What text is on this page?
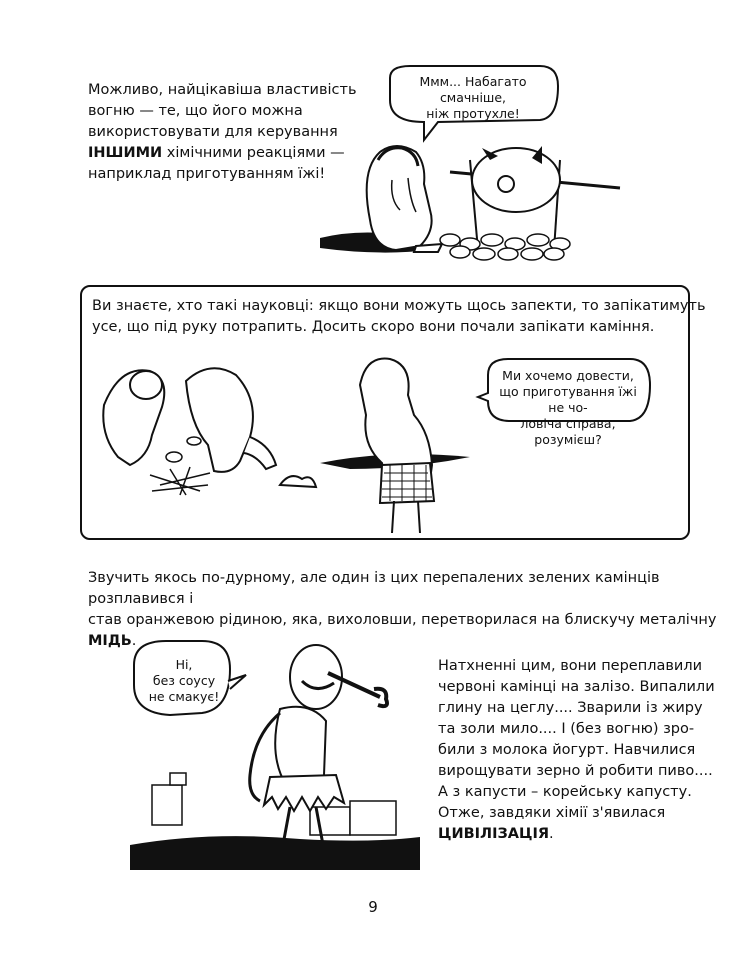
Можливо, найцікавіша властивість
вогню — те, що його можна
використовувати для керування
ІНШИМИ хімічними реакціями —
наприклад приготуванням їжі!
Ммм... Набагато смачніше,
ніж протухле!
Ви знаєте, хто такі науковці: якщо вони можуть щось запекти, то запікатимуть
усе, що під руку потрапить. Досить скоро вони почали запікати каміння.
Ми хочемо довести,
що приготування їжі не чо-
ловіча справа, розумієш?
Звучить якось по-дурному, але один із цих перепалених зелених камінців розплавився і
став оранжевою рідиною, яка, вихоловши, перетворилася на блискучу металічну МІДЬ.
Ні,
без соусу
не смакує!
Натхненні цим, вони переплавили
червоні камінці на залізо. Випалили
глину на цеглу.... Зварили із жиру
та золи мило.... І (без вогню) зро-
били з молока йогурт. Навчилися
вирощувати зерно й робити пиво....
А з капусти – корейську капусту.
Отже, завдяки хімії з'явилася
ЦИВІЛІЗАЦІЯ.
9
